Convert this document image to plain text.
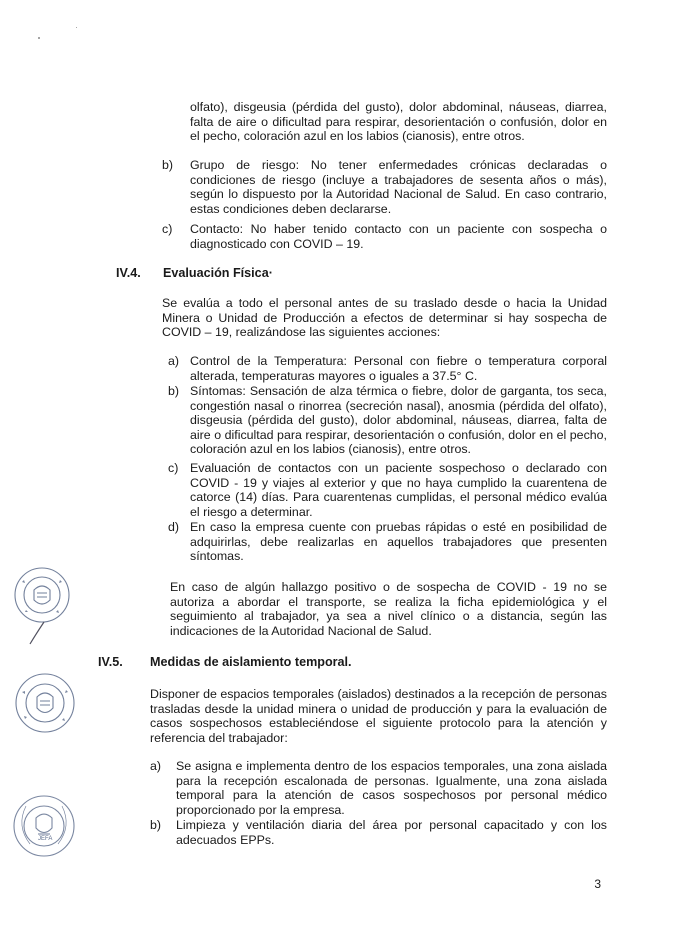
olfato), disgeusia (pérdida del gusto), dolor abdominal, náuseas, diarrea, falta de aire o dificultad para respirar, desorientación o confusión, dolor en el pecho, coloración azul en los labios (cianosis), entre otros.
b)	Grupo de riesgo: No tener enfermedades crónicas declaradas o condiciones de riesgo (incluye a trabajadores de sesenta años o más), según lo dispuesto por la Autoridad Nacional de Salud. En caso contrario, estas condiciones deben declararse.
c)	Contacto: No haber tenido contacto con un paciente con sospecha o diagnosticado con COVID – 19.
IV.4. Evaluación Física·
Se evalúa a todo el personal antes de su traslado desde o hacia la Unidad Minera o Unidad de Producción a efectos de determinar si hay sospecha de COVID – 19, realizándose las siguientes acciones:
a) Control de la Temperatura: Personal con fiebre o temperatura corporal alterada, temperaturas mayores o iguales a 37.5° C.
b) Síntomas: Sensación de alza térmica o fiebre, dolor de garganta, tos seca, congestión nasal o rinorrea (secreción nasal), anosmia (pérdida del olfato), disgeusia (pérdida del gusto), dolor abdominal, náuseas, diarrea, falta de aire o dificultad para respirar, desorientación o confusión, dolor en el pecho, coloración azul en los labios (cianosis), entre otros.
c) Evaluación de contactos con un paciente sospechoso o declarado con COVID - 19 y viajes al exterior y que no haya cumplido la cuarentena de catorce (14) días. Para cuarentenas cumplidas, el personal médico evalúa el riesgo a determinar.
d) En caso la empresa cuente con pruebas rápidas o esté en posibilidad de adquirirlas, debe realizarlas en aquellos trabajadores que presenten síntomas.
En caso de algún hallazgo positivo o de sospecha de COVID - 19 no se autoriza a abordar el transporte, se realiza la ficha epidemiológica y el seguimiento al trabajador, ya sea a nivel clínico o a distancia, según las indicaciones de la Autoridad Nacional de Salud.
IV.5. Medidas de aislamiento temporal.
Disponer de espacios temporales (aislados) destinados a la recepción de personas trasladas desde la unidad minera o unidad de producción y para la evaluación de casos sospechosos estableciéndose el siguiente protocolo para la atención y referencia del trabajador:
a)	Se asigna e implementa dentro de los espacios temporales, una zona aislada para la recepción escalonada de personas. Igualmente, una zona aislada temporal para la atención de casos sospechosos por personal médico proporcionado por la empresa.
b)	Limpieza y ventilación diaria del área por personal capacitado y con los adecuados EPPs.
JEFA
3
